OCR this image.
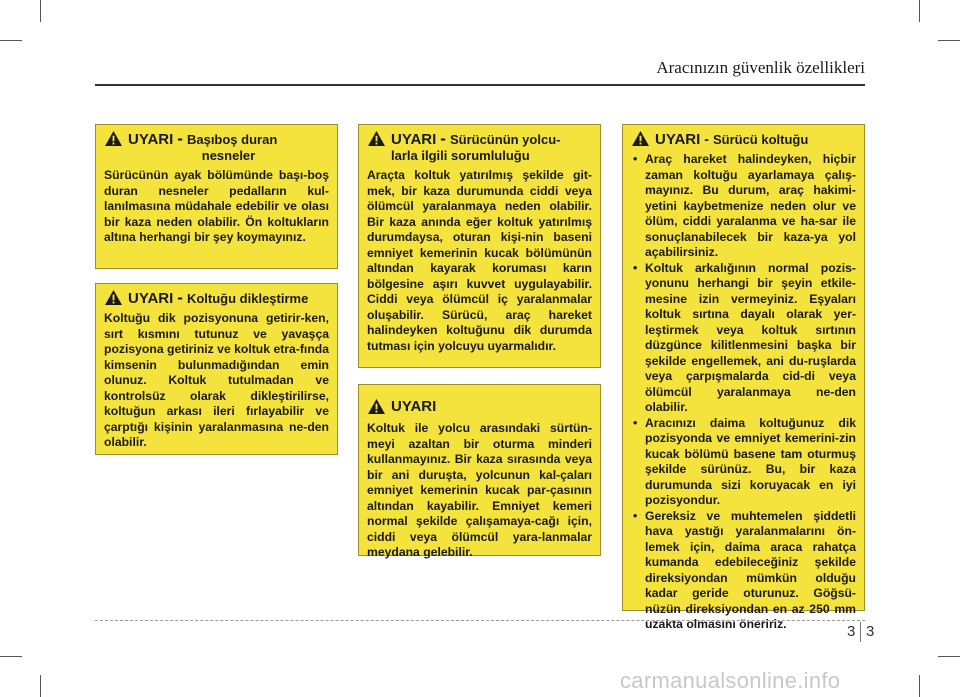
Aracınızın güvenlik özellikleri
UYARI - Başıboş duran
nesneler

Sürücünün ayak bölümünde başı-boş duran nesneler pedalların kul-lanılmasına müdahale edebilir ve olası bir kaza neden olabilir. Ön koltukların altına herhangi bir şey koymayınız.

UYARI - Koltuğu dikleştirme

Koltuğu dik pozisyonuna getirir-ken, sırt kısmını tutunuz ve yavaşça pozisyona getiriniz ve koltuk etra-fında kimsenin bulunmadığından emin olunuz. Koltuk tutulmadan ve kontrolsüz olarak dikleştirilirse, koltuğun arkası ileri fırlayabilir ve çarptığı kişinin yaralanmasına ne-den olabilir.

UYARI - Sürücünün yolcu-
larla ilgili sorumluluğu

Araçta koltuk yatırılmış şekilde git-mek, bir kaza durumunda ciddi veya ölümcül yaralanmaya neden olabilir. Bir kaza anında eğer koltuk yatırılmış durumdaysa, oturan kişi-nin baseni emniyet kemerinin kucak bölümünün altından kayarak koruması karın bölgesine aşırı kuvvet uygulayabilir. Ciddi veya ölümcül iç yaralanmalar oluşabilir. Sürücü, araç hareket halindeyken koltuğunu dik durumda tutması için yolcuyu uyarmalıdır.

UYARI

Koltuk ile yolcu arasındaki sürtün-meyi azaltan bir oturma minderi kullanmayınız. Bir kaza sırasında veya bir ani duruşta, yolcunun kal-çaları emniyet kemerinin kucak par-çasının altından kayabilir. Emniyet kemeri normal şekilde çalışamaya-cağı için, ciddi veya ölümcül yara-lanmalar meydana gelebilir.

UYARI - Sürücü koltuğu
• Araç hareket halindeyken, hiçbir zaman koltuğu ayarlamaya çalış-mayınız. Bu durum, araç hakimi-yetini kaybetmenize neden olur ve ölüm, ciddi yaralanma ve ha-sar ile sonuçlanabilecek bir kaza-ya yol açabilirsiniz.
• Koltuk arkalığının normal pozis-yonunu herhangi bir şeyin etkile-mesine izin vermeyiniz. Eşyaları koltuk sırtına dayalı olarak yer-leştirmek veya koltuk sırtının düzgünce kilitlenmesini başka bir şekilde engellemek, ani du-ruşlarda veya çarpışmalarda cid-di veya ölümcül yaralanmaya ne-den olabilir.
• Aracınızı daima koltuğunuz dik pozisyonda ve emniyet kemerini-zin kucak bölümü basene tam oturmuş şekilde sürünüz. Bu, bir kaza durumunda sizi koruyacak en iyi pozisyondur.
• Gereksiz ve muhtemelen şiddetli hava yastığı yaralanmalarını ön-lemek için, daima araca rahatça kumanda edebileceğiniz şekilde direksiyondan mümkün olduğu kadar geride oturunuz. Göğsü-nüzün direksiyondan en az 250 mm uzakta olmasını öneririz.	3 3
carmanualsonline.info
